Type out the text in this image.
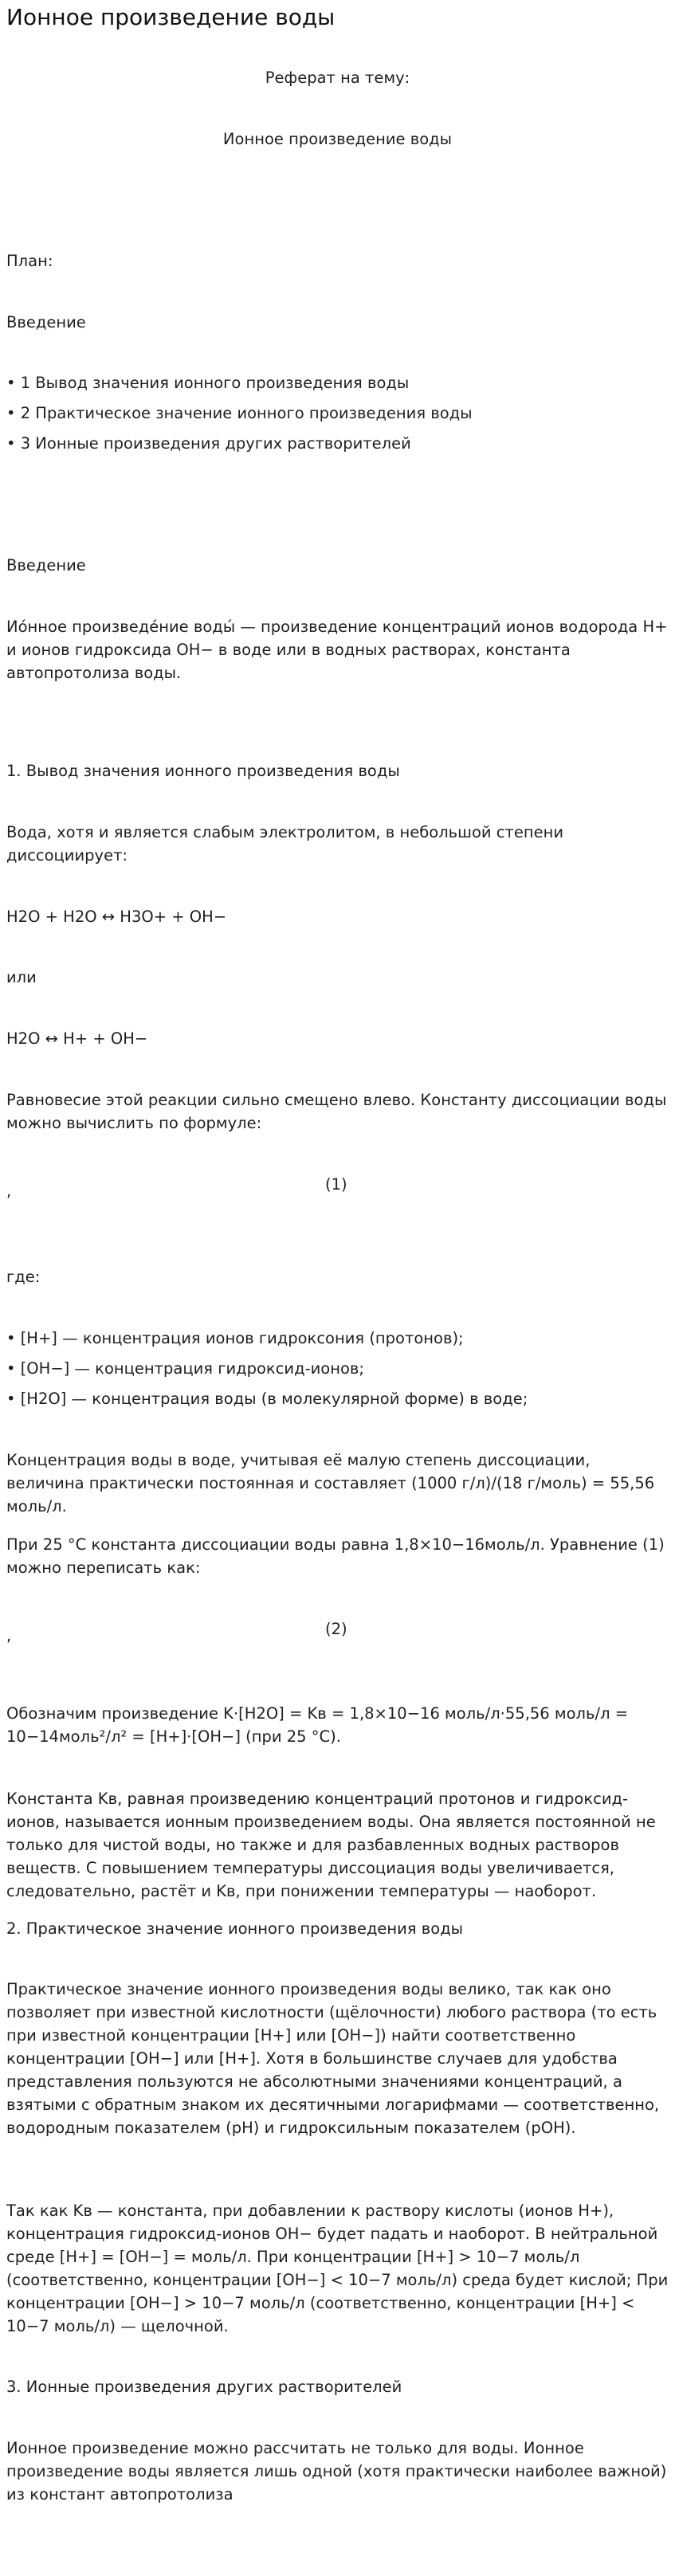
Ионное произведение воды

Реферат на тему:

Ионное произведение воды

План:

Введение

• 1 Вывод значения ионного произведения воды

• 2 Практическое значение ионного произведения воды

• 3 Ионные произведения других растворителей

Введение

Ио́нное произведе́ние воды́ — произведение концентраций ионов водорода H+ и ионов гидроксида OH− в воде или в водных растворах, константа автопротолиза воды.

1. Вывод значения ионного произведения воды

Вода, хотя и является слабым электролитом, в небольшой степени диссоциирует:

H2O + H2O ↔ H3O+ + OH−

или

H2O ↔ H+ + OH−

Равновесие этой реакции сильно смещено влево. Константу диссоциации воды можно вычислить по формуле:

,	(1)

где:

• [H+] — концентрация ионов гидроксония (протонов);

• [OH−] — концентрация гидроксид-ионов;

• [H2O] — концентрация воды (в молекулярной форме) в воде;

Концентрация воды в воде, учитывая её малую степень диссоциации, величина практически постоянная и составляет (1000 г/л)/(18 г/моль) = 55,56 моль/л.

При 25 °C константа диссоциации воды равна 1,8×10−16моль/л. Уравнение (1) можно переписать как:

,	(2)

Обозначим произведение K·[H2O] = Kв = 1,8×10−16 моль/л·55,56 моль/л = 10−14моль²/л² = [H+]·[OH−] (при 25 °C).

Константа Kв, равная произведению концентраций протонов и гидроксид-ионов, называется ионным произведением воды. Она является постоянной не только для чистой воды, но также и для разбавленных водных растворов веществ. С повышением температуры диссоциация воды увеличивается, следовательно, растёт и Kв, при понижении температуры — наоборот.

2. Практическое значение ионного произведения воды

Практическое значение ионного произведения воды велико, так как оно позволяет при известной кислотности (щёлочности) любого раствора (то есть при известной концентрации [H+] или [OH−]) найти соответственно концентрации [OH−] или [H+]. Хотя в большинстве случаев для удобства представления пользуются не абсолютными значениями концентраций, а взятыми с обратным знаком их десятичными логарифмами — соответственно, водородным показателем (pH) и гидроксильным показателем (pOH).

Так как Kв — константа, при добавлении к раствору кислоты (ионов H+), концентрация гидроксид-ионов OH− будет падать и наоборот. В нейтральной среде [H+] = [OH−] = моль/л. При концентрации [H+] > 10−7 моль/л (соответственно, концентрации [OH−] < 10−7 моль/л) среда будет кислой; При концентрации [OH−] > 10−7 моль/л (соответственно, концентрации [H+] < 10−7 моль/л) — щелочной.

3. Ионные произведения других растворителей

Ионное произведение можно рассчитать не только для воды. Ионное произведение воды является лишь одной (хотя практически наиболее важной) из констант автопротолиза
